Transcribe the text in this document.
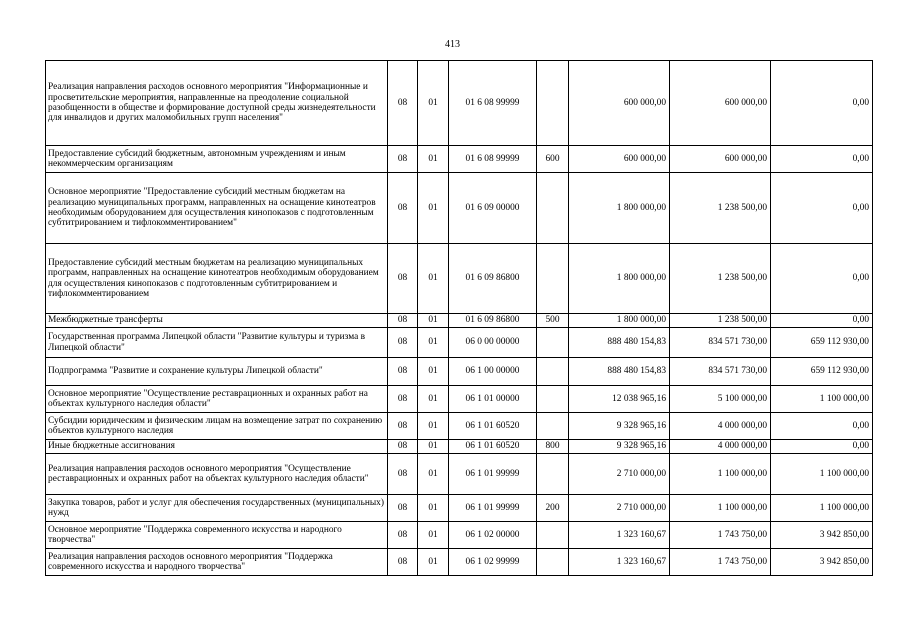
413
Реализация направления расходов основного мероприятия "Информационные и просветительские мероприятия, направленные на преодоление социальной разобщенности в обществе и формирование доступной среды жизнедеятельности для инвалидов и других маломобильных групп населения"	08	01	01 6 08 99999		600 000,00	600 000,00	0,00
Предоставление субсидий бюджетным, автономным учреждениям и иным некоммерческим организациям	08	01	01 6 08 99999	600	600 000,00	600 000,00	0,00
Основное мероприятие "Предоставление субсидий местным бюджетам на реализацию муниципальных программ, направленных на оснащение кинотеатров необходимым оборудованием для осуществления кинопоказов с подготовленным субтитрированием и тифлокомментированием"	08	01	01 6 09 00000		1 800 000,00	1 238 500,00	0,00
Предоставление субсидий местным бюджетам на реализацию муниципальных программ, направленных на оснащение кинотеатров необходимым оборудованием для осуществления кинопоказов с подготовленным субтитрированием и тифлокомментированием	08	01	01 6 09 86800		1 800 000,00	1 238 500,00	0,00
Межбюджетные трансферты	08	01	01 6 09 86800	500	1 800 000,00	1 238 500,00	0,00
Государственная программа Липецкой области "Развитие культуры и туризма в Липецкой области"	08	01	06 0 00 00000		888 480 154,83	834 571 730,00	659 112 930,00
Подпрограмма "Развитие и сохранение культуры Липецкой области"	08	01	06 1 00 00000		888 480 154,83	834 571 730,00	659 112 930,00
Основное мероприятие "Осуществление реставрационных и охранных работ на объектах культурного наследия области"	08	01	06 1 01 00000		12 038 965,16	5 100 000,00	1 100 000,00
Субсидии юридическим и физическим лицам на возмещение затрат по сохранению объектов культурного наследия	08	01	06 1 01 60520		9 328 965,16	4 000 000,00	0,00
Иные бюджетные ассигнования	08	01	06 1 01 60520	800	9 328 965,16	4 000 000,00	0,00
Реализация направления расходов основного мероприятия "Осуществление реставрационных и охранных работ на объектах культурного наследия области"	08	01	06 1 01 99999		2 710 000,00	1 100 000,00	1 100 000,00
Закупка товаров, работ и услуг для обеспечения государственных (муниципальных) нужд	08	01	06 1 01 99999	200	2 710 000,00	1 100 000,00	1 100 000,00
Основное мероприятие "Поддержка современного искусства и народного творчества"	08	01	06 1 02 00000		1 323 160,67	1 743 750,00	3 942 850,00
Реализация направления расходов основного мероприятия "Поддержка современного искусства и народного творчества"	08	01	06 1 02 99999		1 323 160,67	1 743 750,00	3 942 850,00
